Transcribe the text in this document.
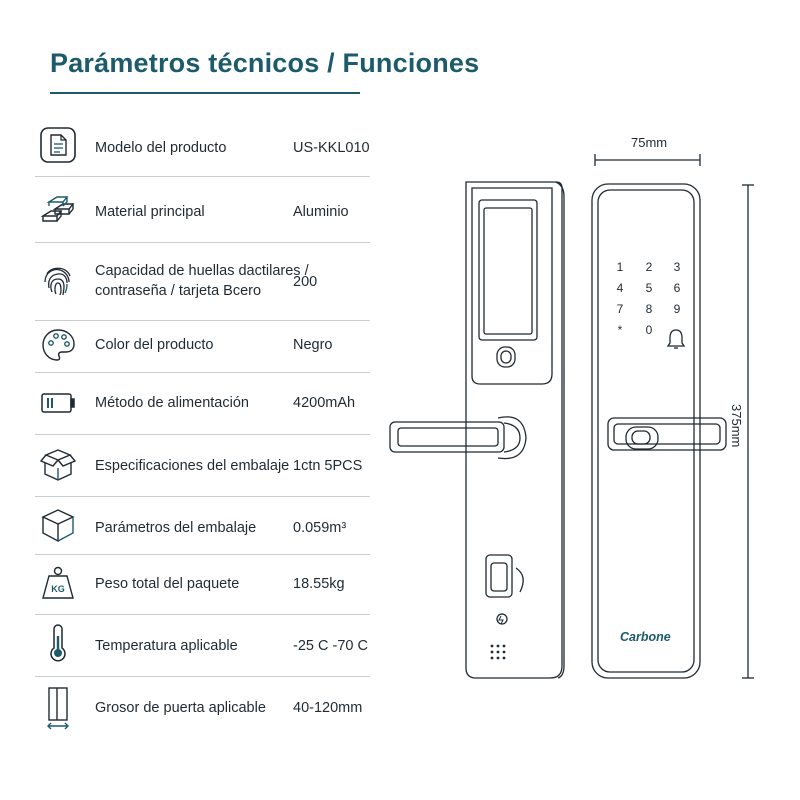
Parámetros técnicos / Funciones
Modelo del producto	US-KKL010
Material principal	Aluminio
Capacidad de huellas dactilares /
contraseña / tarjeta Bcero
200
Color del producto	Negro
Método de alimentación	4200mAh
Especificaciones del embalaje 1ctn 5PCS
Parámetros del embalaje	0.059m³
KG Peso total del paquete	18.55kg
Temperatura aplicable	-25 C -70 C
Grosor de puerta aplicable 40-120mm
75mm
375mm
1 2 3
4 5 6
7 8 9
* 0
Carbone
